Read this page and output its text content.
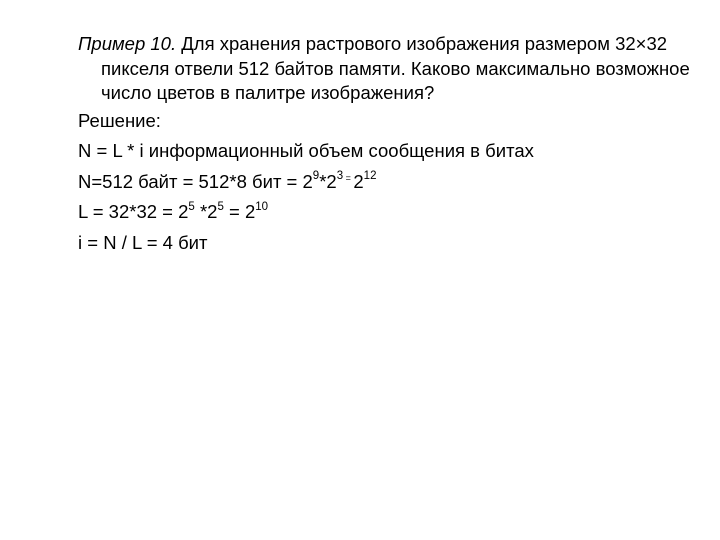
Пример 10. Для хранения растрового изображения размером 32×32 пикселя отвели 512 байтов памяти. Каково максимально возможное число цветов в палитре изображения?

Решение:

N = L * i информационный объем сообщения в битах

N=512 байт = 512*8 бит = $2^9*2^3$ = $2^{12}$

$L = 32*32 = 2^5$ $*2^5 = 2^{10}$

i = N / L = 4 бит
